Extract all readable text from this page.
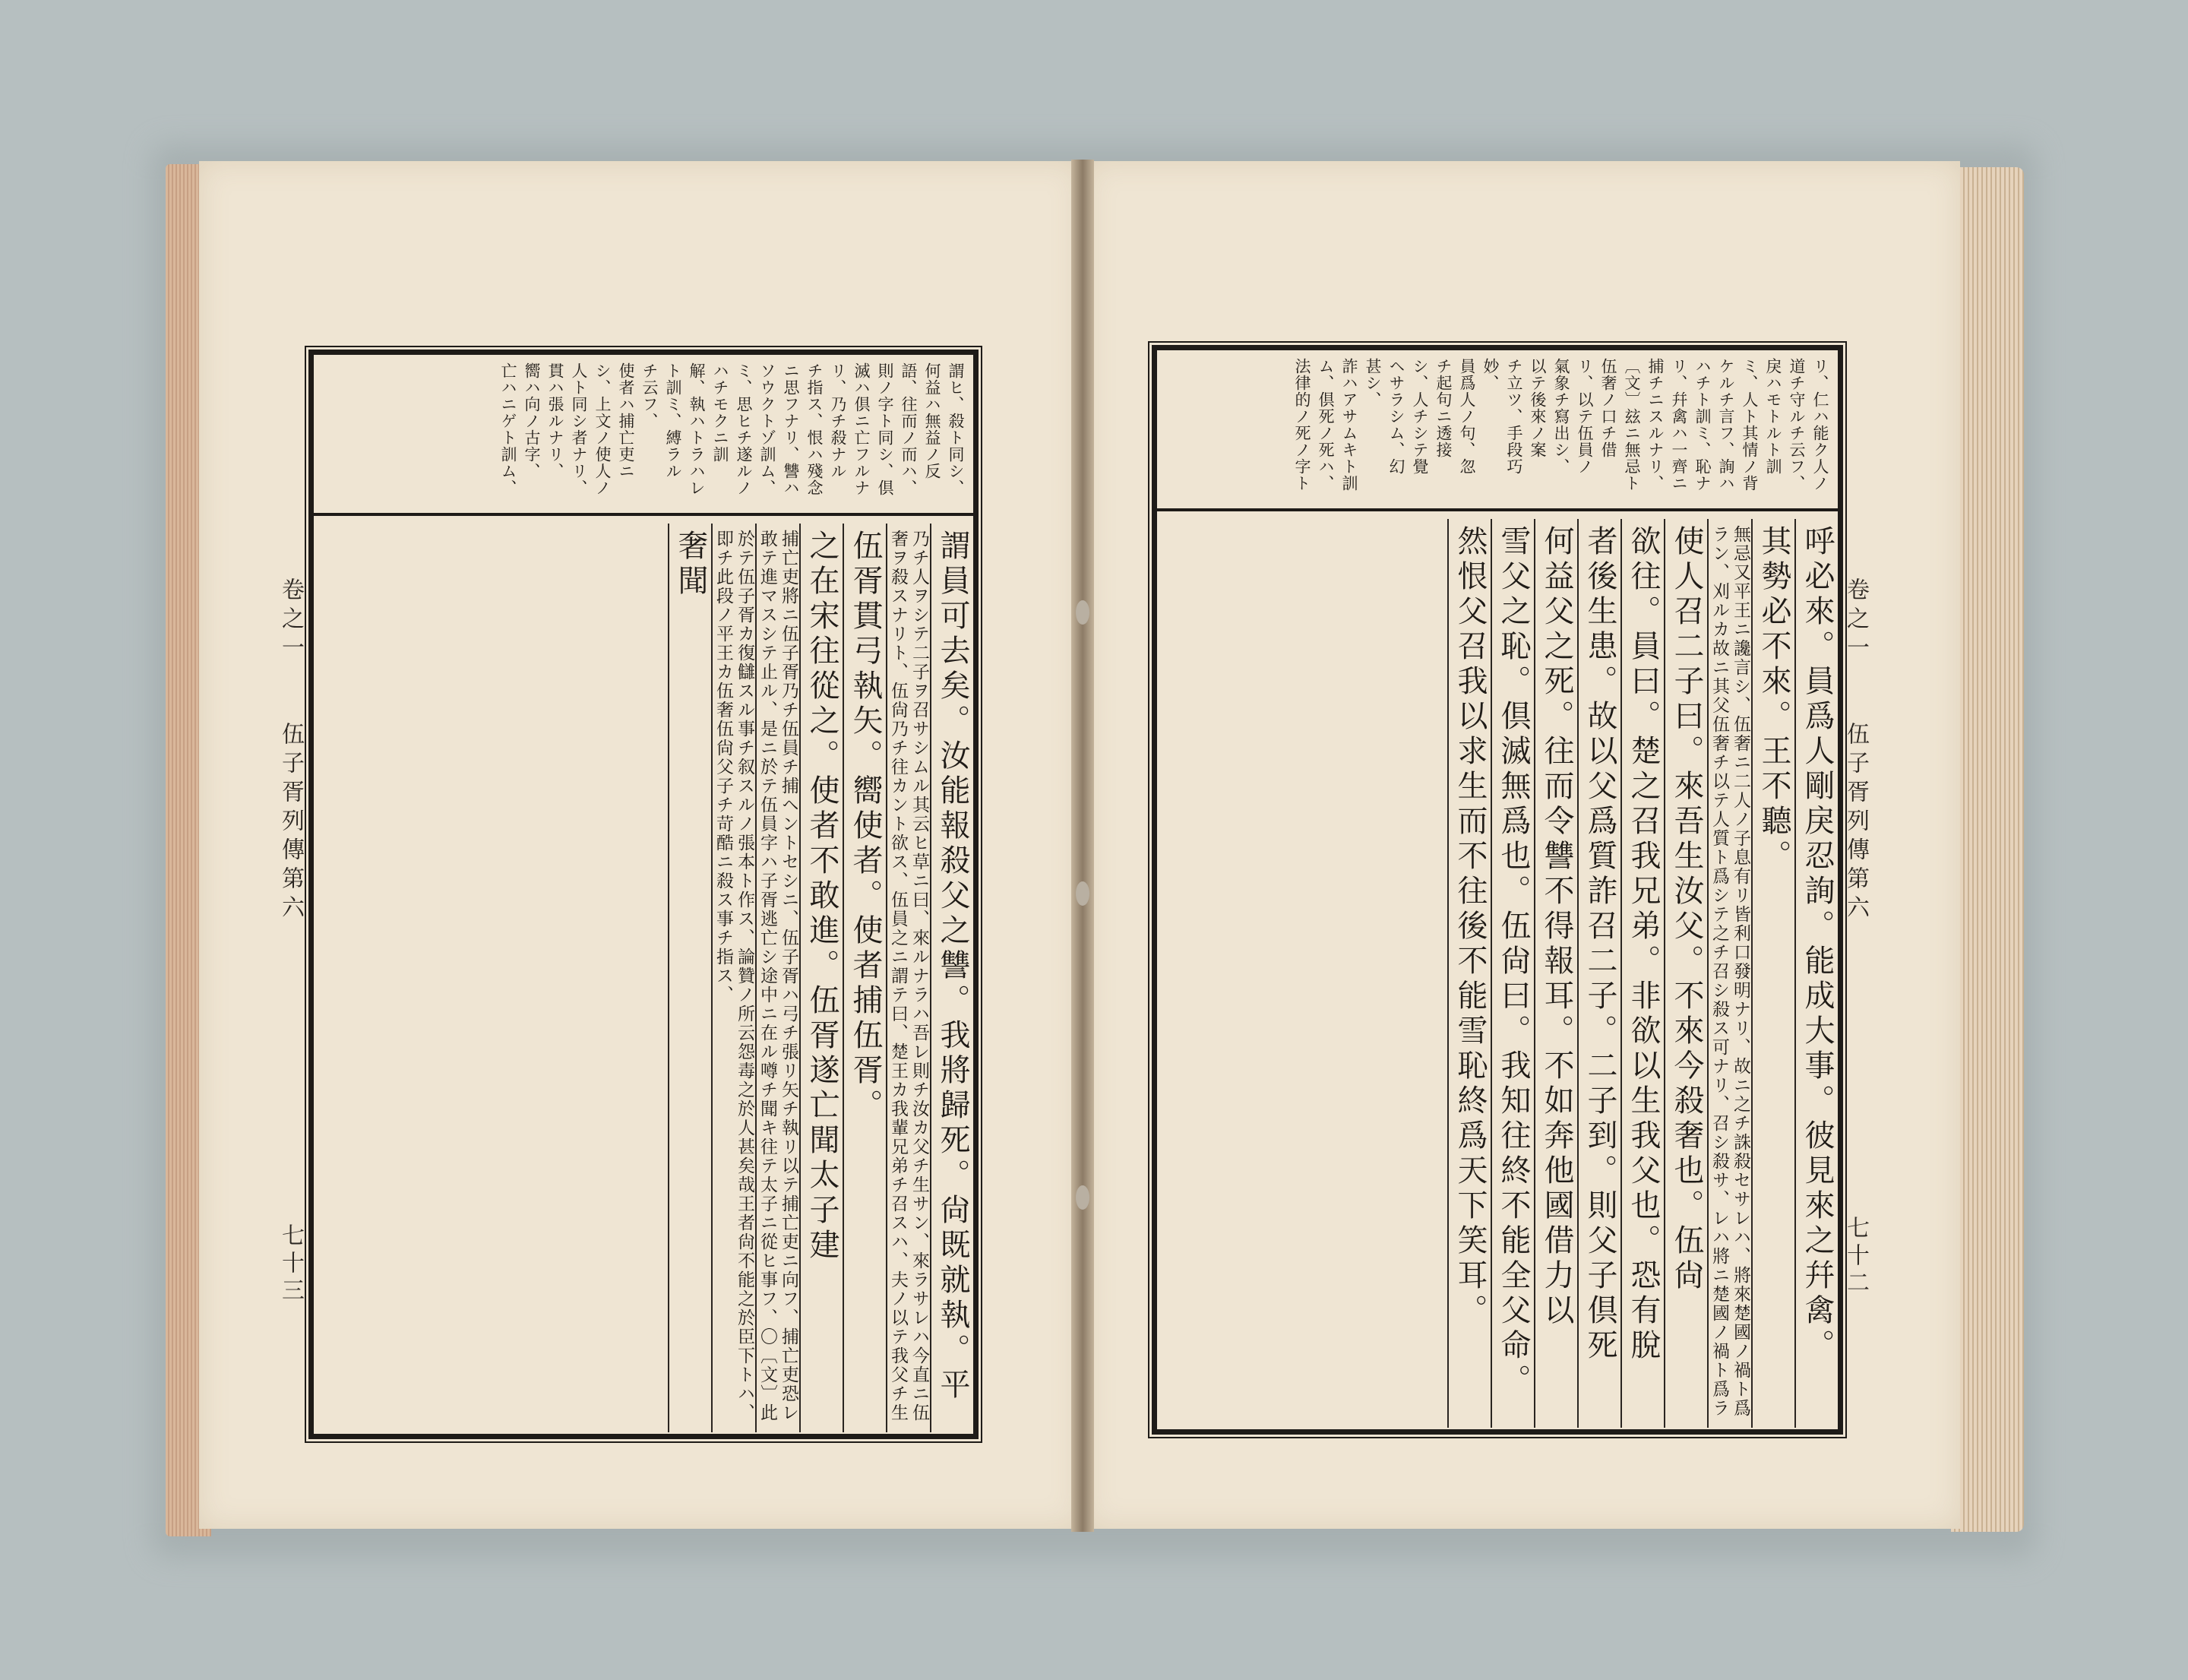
卷之一
伍子胥列傳第六
七十三
謂ヒ、殺ト同シ、
何益ハ無益ノ反
語、往而ノ而ハ、
則ノ字ト同シ、倶
滅ハ倶ニ亡フルナ
リ、乃チ殺ナル
チ指ス、恨ハ殘念
ニ思フナリ、讐ハ
ソウクトゾ訓ム、
ミ、思ヒチ遂ルノ
ハチモクニ訓
解、執ハトラハレ
ト訓ミ、縛ラル
チ云フ、
使者ハ捕亡吏ニ
シ、上文ノ使人ノ
人ト同シ者ナリ、
貫ハ張ルナリ、
嚮ハ向ノ古字、
亡ハニゲト訓ム、
謂員可去矣。汝能報殺父之讐。我將歸死。尙既就執。平
乃チ人ヲシテ二子ヲ召サシムル其云ヒ草ニ曰、來ルナラハ吾レ則チ汝カ父チ生サン、來ラサレハ今直ニ伍奢ヲ殺スナリト、伍尙乃チ往カント欲ス、伍員之ニ謂テ曰、楚王カ我輩兄弟チ召スハ、夫ノ以テ我父チ生
伍胥貫弓執矢。嚮使者。使者捕伍胥。
之在宋往從之。使者不敢進。伍胥遂亡聞太子建
捕亡吏將ニ伍子胥乃チ伍員チ捕ヘントセシニ、伍子胥ハ弓チ張リ矢チ執リ以テ捕亡吏ニ向フ、捕亡吏恐レ敢テ進マスシテ止ル、是ニ於テ伍員字ハ子胥逃亡シ途中ニ在ル噂チ聞キ往テ太子ニ從ヒ事フ、〇〔文〕此
於テ伍子胥カ復讎スル事チ叙スルノ張本ト作ス、論贊ノ所云怨毒之於人甚矣哉王者尙不能之於臣下トハ、即チ此段ノ平王カ伍奢伍尙父子チ苛酷ニ殺ス事チ指ス、
奢聞
卷之一
伍子胥列傳第六
七十二
リ、仁ハ能ク人ノ
道チ守ルチ云フ、
戾ハモトルト訓
ミ、人ト其情ノ背
ケルチ言フ、詢ハ
ハチト訓ミ、恥ナ
リ、幷禽ハ一齊ニ
捕チニスルナリ、
〔文〕玆ニ無忌ト
伍奢ノ口チ借
リ、以テ伍員ノ
氣象チ寫出シ、
以テ後來ノ案
チ立ツ、手段巧
妙、
員爲人ノ句、忽
チ起句ニ透接
シ、人チシテ覺
ヘサラシム、幻
甚シ、
詐ハアサムキト訓
ム、倶死ノ死ハ、
法律的ノ死ノ字ト
呼必來。員爲人剛戾忍詢。能成大事。彼見來之幷禽。
其勢必不來。王不聽。
無忌又平王ニ讒言シ、伍奢ニ二人ノ子息有リ皆利口發明ナリ、故ニ之チ誅殺セサレハ、將來楚國ノ禍ト爲ラン、刈ルカ故ニ其父伍奢チ以テ人質ト爲シテ之チ召シ殺ス可ナリ、召シ殺サ、レハ將ニ楚國ノ禍ト爲ラ
使人召二子曰。來吾生汝父。不來今殺奢也。伍尙
欲往。員曰。楚之召我兄弟。非欲以生我父也。恐有脫
者後生患。故以父爲質詐召二子。二子到。則父子倶死
何益父之死。往而令讐不得報耳。不如奔他國借力以
雪父之恥。倶滅無爲也。伍尙曰。我知往終不能全父命。
然恨父召我以求生而不往後不能雪恥終爲天下笑耳。
